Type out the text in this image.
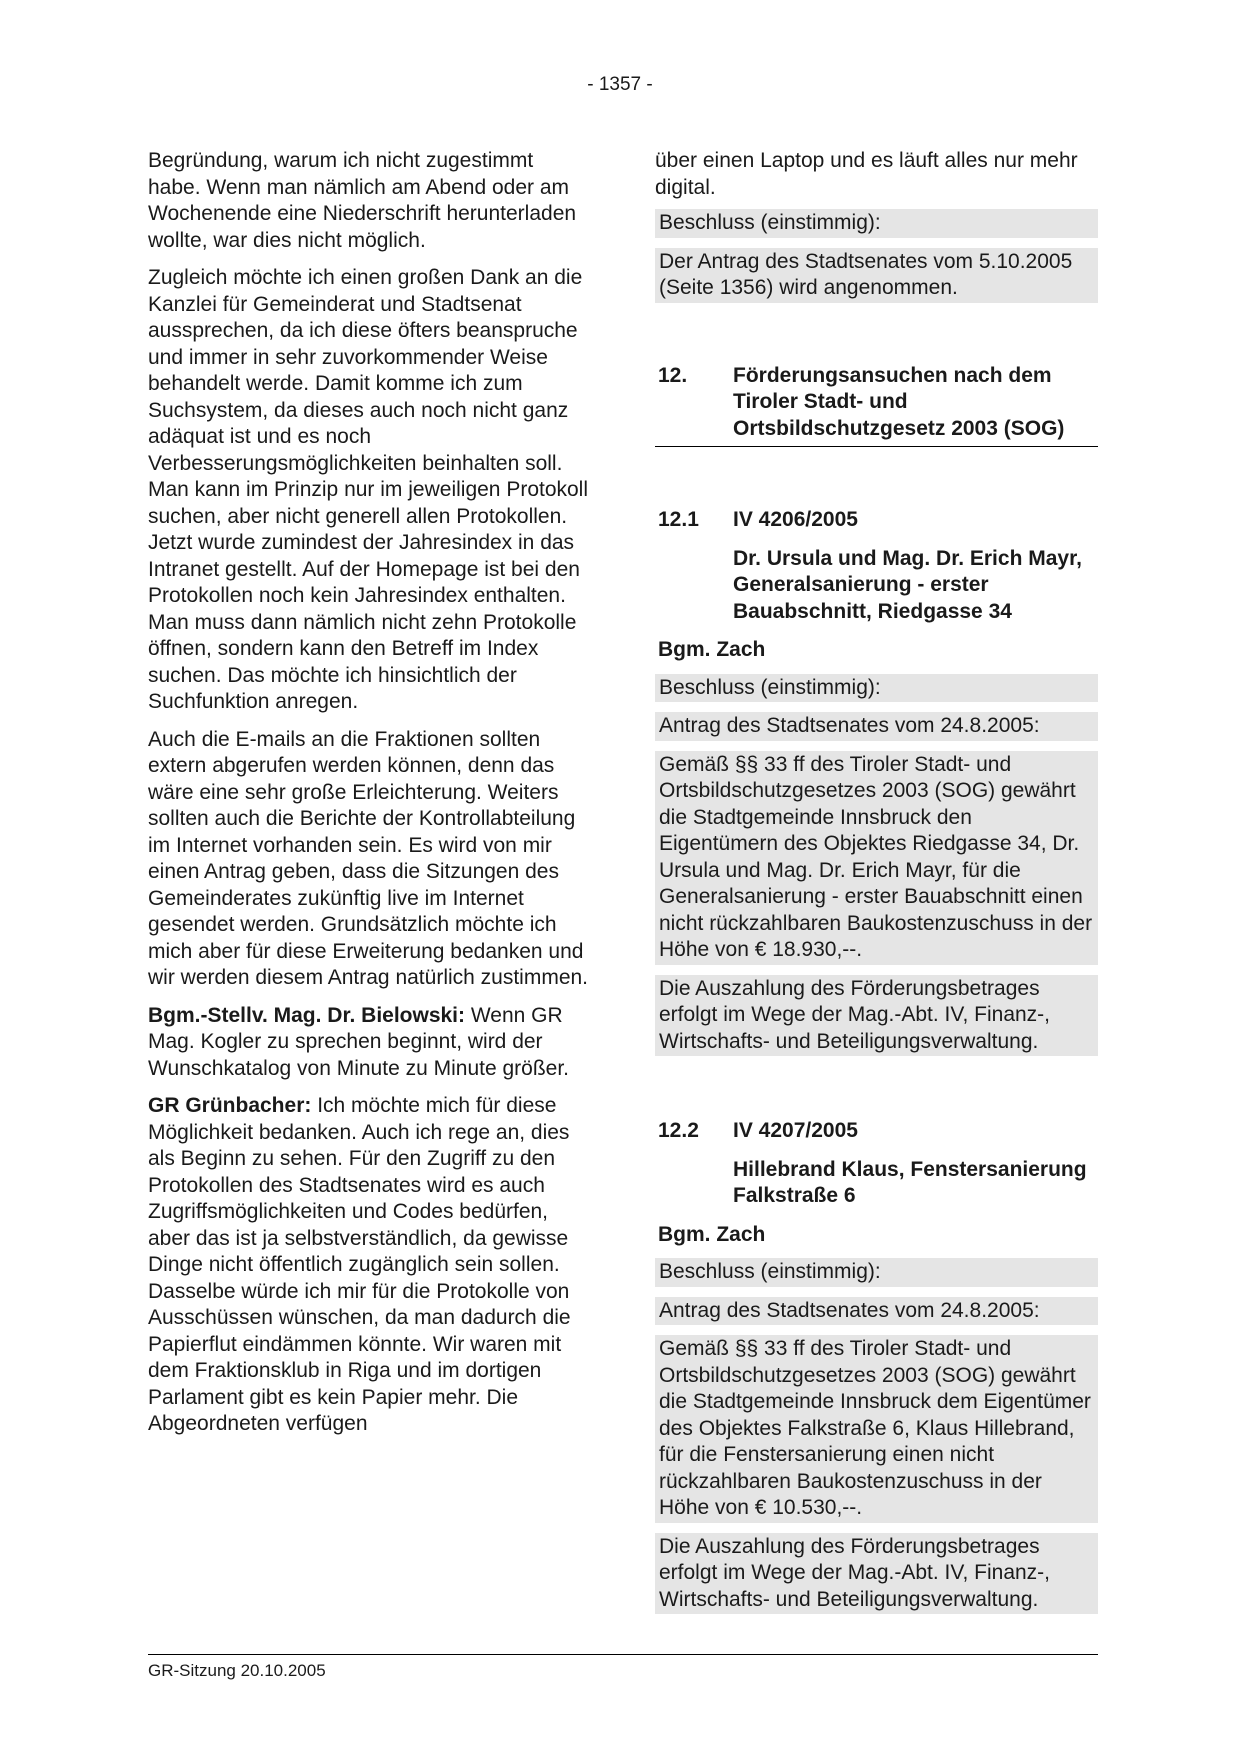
- 1357 -

Begründung, warum ich nicht zugestimmt habe. Wenn man nämlich am Abend oder am Wochenende eine Niederschrift herunterladen wollte, war dies nicht möglich.

Zugleich möchte ich einen großen Dank an die Kanzlei für Gemeinderat und Stadtsenat aussprechen, da ich diese öfters beanspruche und immer in sehr zuvorkommender Weise behandelt werde. Damit komme ich zum Suchsystem, da dieses auch noch nicht ganz adäquat ist und es noch Verbesserungsmöglichkeiten beinhalten soll. Man kann im Prinzip nur im jeweiligen Protokoll suchen, aber nicht generell allen Protokollen. Jetzt wurde zumindest der Jahresindex in das Intranet gestellt. Auf der Homepage ist bei den Protokollen noch kein Jahresindex enthalten. Man muss dann nämlich nicht zehn Protokolle öffnen, sondern kann den Betreff im Index suchen. Das möchte ich hinsichtlich der Suchfunktion anregen.

Auch die E-mails an die Fraktionen sollten extern abgerufen werden können, denn das wäre eine sehr große Erleichterung. Weiters sollten auch die Berichte der Kontrollabteilung im Internet vorhanden sein. Es wird von mir einen Antrag geben, dass die Sitzungen des Gemeinderates zukünftig live im Internet gesendet werden. Grundsätzlich möchte ich mich aber für diese Erweiterung bedanken und wir werden diesem Antrag natürlich zustimmen.

Bgm.-Stellv. Mag. Dr. Bielowski: Wenn GR Mag. Kogler zu sprechen beginnt, wird der Wunschkatalog von Minute zu Minute größer.

GR Grünbacher: Ich möchte mich für diese Möglichkeit bedanken. Auch ich rege an, dies als Beginn zu sehen. Für den Zugriff zu den Protokollen des Stadtsenates wird es auch Zugriffsmöglichkeiten und Codes bedürfen, aber das ist ja selbstverständlich, da gewisse Dinge nicht öffentlich zugänglich sein sollen. Dasselbe würde ich mir für die Protokolle von Ausschüssen wünschen, da man dadurch die Papierflut eindämmen könnte. Wir waren mit dem Fraktionsklub in Riga und im dortigen Parlament gibt es kein Papier mehr. Die Abgeordneten verfügen

über einen Laptop und es läuft alles nur mehr digital.

Beschluss (einstimmig):
Der Antrag des Stadtsenates vom 5.10.2005 (Seite 1356) wird angenommen.
12.	Förderungsansuchen nach dem Tiroler Stadt- und Ortsbildschutzgesetz 2003 (SOG)
12.1	IV 4206/2005
Dr. Ursula und Mag. Dr. Erich Mayr, Generalsanierung - erster Bauabschnitt, Riedgasse 34
Bgm. Zach
Beschluss (einstimmig):
Antrag des Stadtsenates vom 24.8.2005:
Gemäß §§ 33 ff des Tiroler Stadt- und Ortsbildschutzgesetzes 2003 (SOG) gewährt die Stadtgemeinde Innsbruck den Eigentümern des Objektes Riedgasse 34, Dr. Ursula und Mag. Dr. Erich Mayr, für die Generalsanierung - erster Bauabschnitt einen nicht rückzahlbaren Baukostenzuschuss in der Höhe von € 18.930,--.
Die Auszahlung des Förderungsbetrages erfolgt im Wege der Mag.-Abt. IV, Finanz-, Wirtschafts- und Beteiligungsverwaltung.
12.2	IV 4207/2005
Hillebrand Klaus, Fenstersanierung Falkstraße 6
Bgm. Zach
Beschluss (einstimmig):
Antrag des Stadtsenates vom 24.8.2005:
Gemäß §§ 33 ff des Tiroler Stadt- und Ortsbildschutzgesetzes 2003 (SOG) gewährt die Stadtgemeinde Innsbruck dem Eigentümer des Objektes Falkstraße 6, Klaus Hillebrand, für die Fenstersanierung einen nicht rückzahlbaren Baukostenzuschuss in der Höhe von € 10.530,--.
Die Auszahlung des Förderungsbetrages erfolgt im Wege der Mag.-Abt. IV, Finanz-, Wirtschafts- und Beteiligungsverwaltung.
GR-Sitzung 20.10.2005
